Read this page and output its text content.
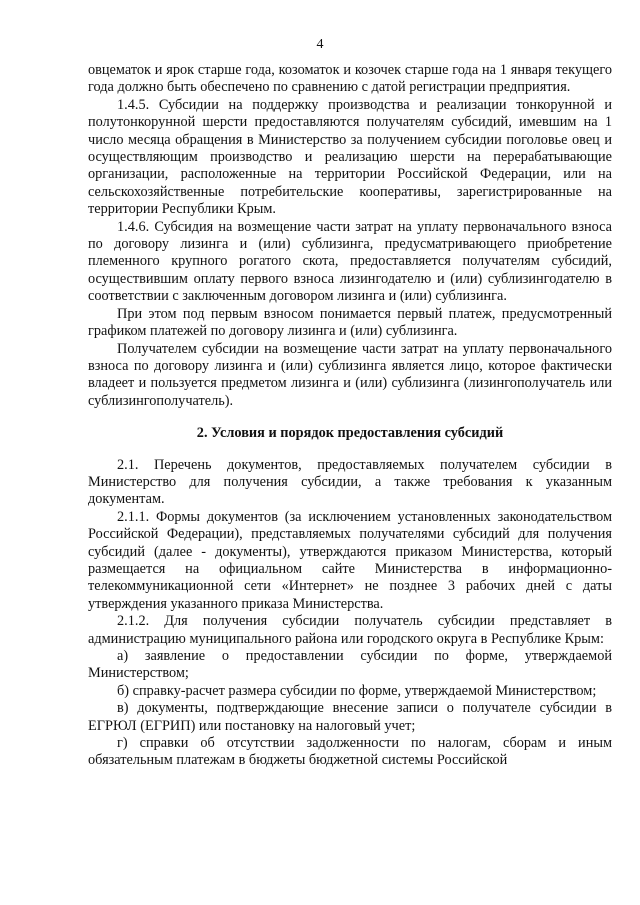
4

овцематок и ярок старше года, козоматок и козочек старше года на 1 января текущего года должно быть обеспечено по сравнению с датой регистрации предприятия.

1.4.5. Субсидии на поддержку производства и реализации тонкорунной и полутонкорунной шерсти предоставляются получателям субсидий, имевшим на 1 число месяца обращения в Министерство за получением субсидии поголовье овец и осуществляющим производство и реализацию шерсти на перерабатывающие организации, расположенные на территории Российской Федерации, или на сельскохозяйственные потребительские кооперативы, зарегистрированные на территории Республики Крым.

1.4.6. Субсидия на возмещение части затрат на уплату первоначального взноса по договору лизинга и (или) сублизинга, предусматривающего приобретение племенного крупного рогатого скота, предоставляется получателям субсидий, осуществившим оплату первого взноса лизингодателю и (или) сублизингодателю в соответствии с заключенным договором лизинга и (или) сублизинга.

При этом под первым взносом понимается первый платеж, предусмотренный графиком платежей по договору лизинга и (или) сублизинга.

Получателем субсидии на возмещение части затрат на уплату первоначального взноса по договору лизинга и (или) сублизинга является лицо, которое фактически владеет и пользуется предметом лизинга и (или) сублизинга (лизингополучатель или сублизингополучатель).

2. Условия и порядок предоставления субсидий

2.1. Перечень документов, предоставляемых получателем субсидии в Министерство для получения субсидии, а также требования к указанным документам.

2.1.1. Формы документов (за исключением установленных законодательством Российской Федерации), представляемых получателями субсидий для получения субсидий (далее - документы), утверждаются приказом Министерства, который размещается на официальном сайте Министерства в информационно-телекоммуникационной сети «Интернет» не позднее 3 рабочих дней с даты утверждения указанного приказа Министерства.

2.1.2. Для получения субсидии получатель субсидии представляет в администрацию муниципального района или городского округа в Республике Крым:

а) заявление о предоставлении субсидии по форме, утверждаемой Министерством;

б) справку-расчет размера субсидии по форме, утверждаемой Министерством;

в) документы, подтверждающие внесение записи о получателе субсидии в ЕГРЮЛ (ЕГРИП) или постановку на налоговый учет;

г) справки об отсутствии задолженности по налогам, сборам и иным обязательным платежам в бюджеты бюджетной системы Российской
